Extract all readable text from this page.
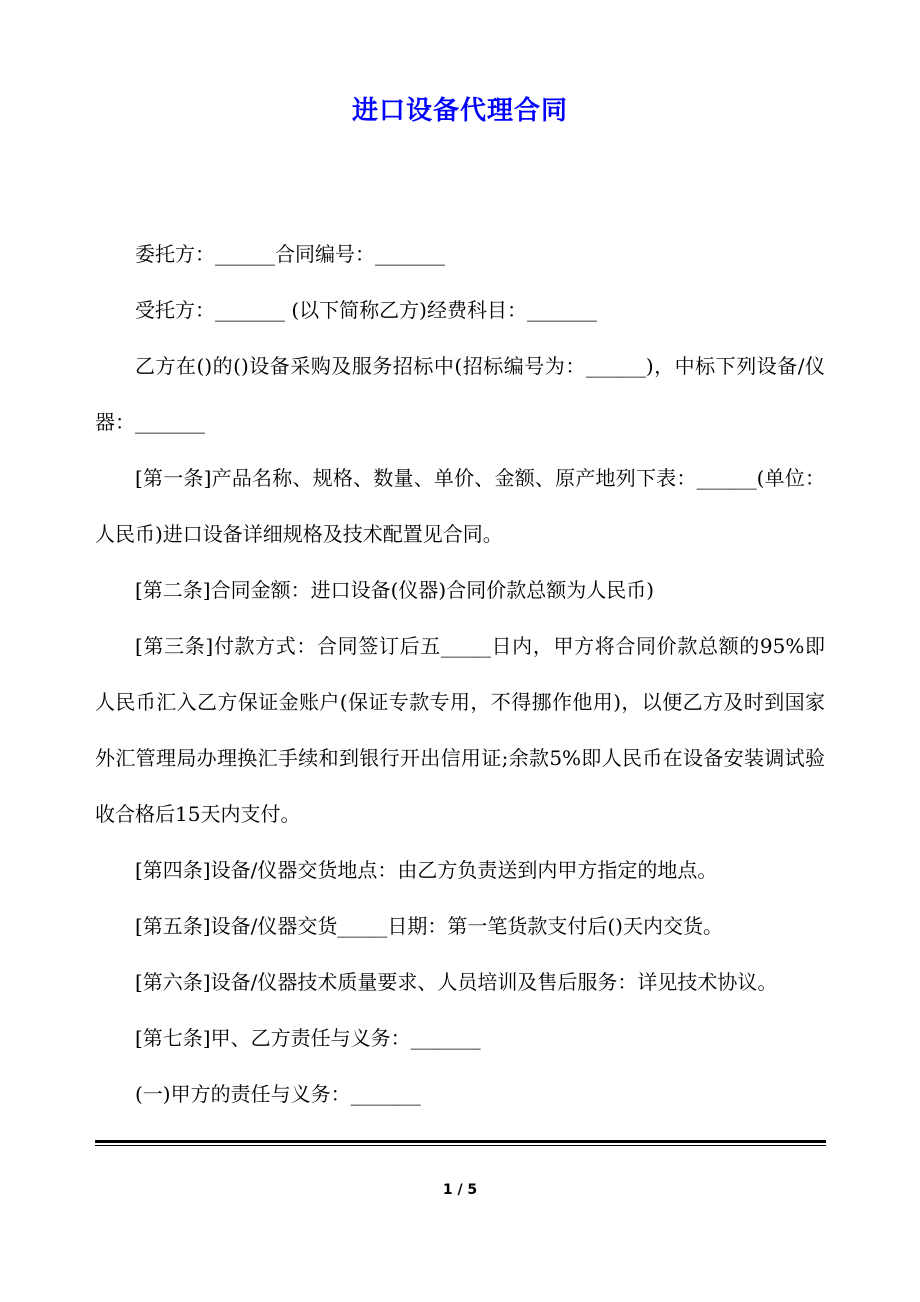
进口设备代理合同

委托方：______合同编号：_______

受托方：_______ (以下简称乙方)经费科目：_______

乙方在()的()设备采购及服务招标中(招标编号为：______)，中标下列设备/仪器：_______

[第一条]产品名称、规格、数量、单价、金额、原产地列下表：______(单位：人民币)进口设备详细规格及技术配置见合同。

[第二条]合同金额：进口设备(仪器)合同价款总额为人民币)

[第三条]付款方式：合同签订后五_____日内，甲方将合同价款总额的95%即人民币汇入乙方保证金账户(保证专款专用，不得挪作他用)，以便乙方及时到国家外汇管理局办理换汇手续和到银行开出信用证;余款5%即人民币在设备安装调试验收合格后15天内支付。

[第四条]设备/仪器交货地点：由乙方负责送到内甲方指定的地点。

[第五条]设备/仪器交货_____日期：第一笔货款支付后()天内交货。

[第六条]设备/仪器技术质量要求、人员培训及售后服务：详见技术协议。

[第七条]甲、乙方责任与义务：_______

(一)甲方的责任与义务：_______

1 / 5
